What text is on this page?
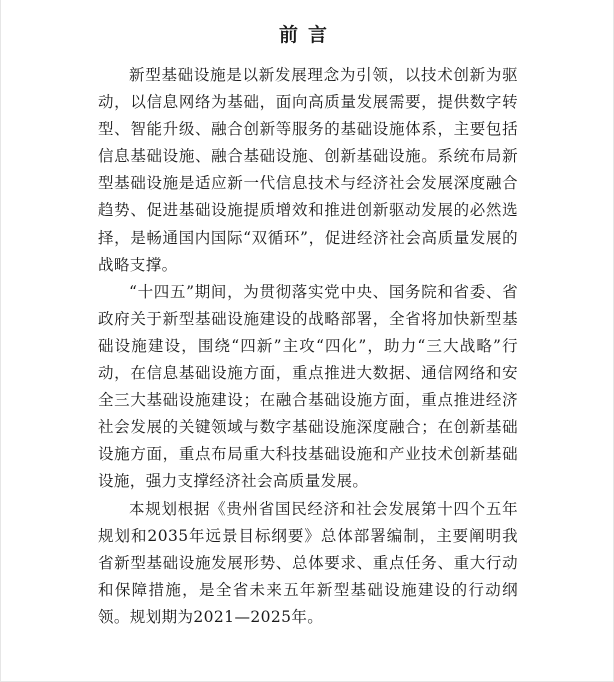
前言

新型基础设施是以新发展理念为引领，以技术创新为驱动，以信息网络为基础，面向高质量发展需要，提供数字转型、智能升级、融合创新等服务的基础设施体系，主要包括信息基础设施、融合基础设施、创新基础设施。系统布局新型基础设施是适应新一代信息技术与经济社会发展深度融合趋势、促进基础设施提质增效和推进创新驱动发展的必然选择，是畅通国内国际“双循环”，促进经济社会高质量发展的战略支撑。

“十四五”期间，为贯彻落实党中央、国务院和省委、省政府关于新型基础设施建设的战略部署，全省将加快新型基础设施建设，围绕“四新”主攻“四化”，助力“三大战略”行动，在信息基础设施方面，重点推进大数据、通信网络和安全三大基础设施建设；在融合基础设施方面，重点推进经济社会发展的关键领域与数字基础设施深度融合；在创新基础设施方面，重点布局重大科技基础设施和产业技术创新基础设施，强力支撑经济社会高质量发展。

本规划根据《贵州省国民经济和社会发展第十四个五年规划和2035年远景目标纲要》总体部署编制，主要阐明我省新型基础设施发展形势、总体要求、重点任务、重大行动和保障措施，是全省未来五年新型基础设施建设的行动纲领。规划期为2021—2025年。
